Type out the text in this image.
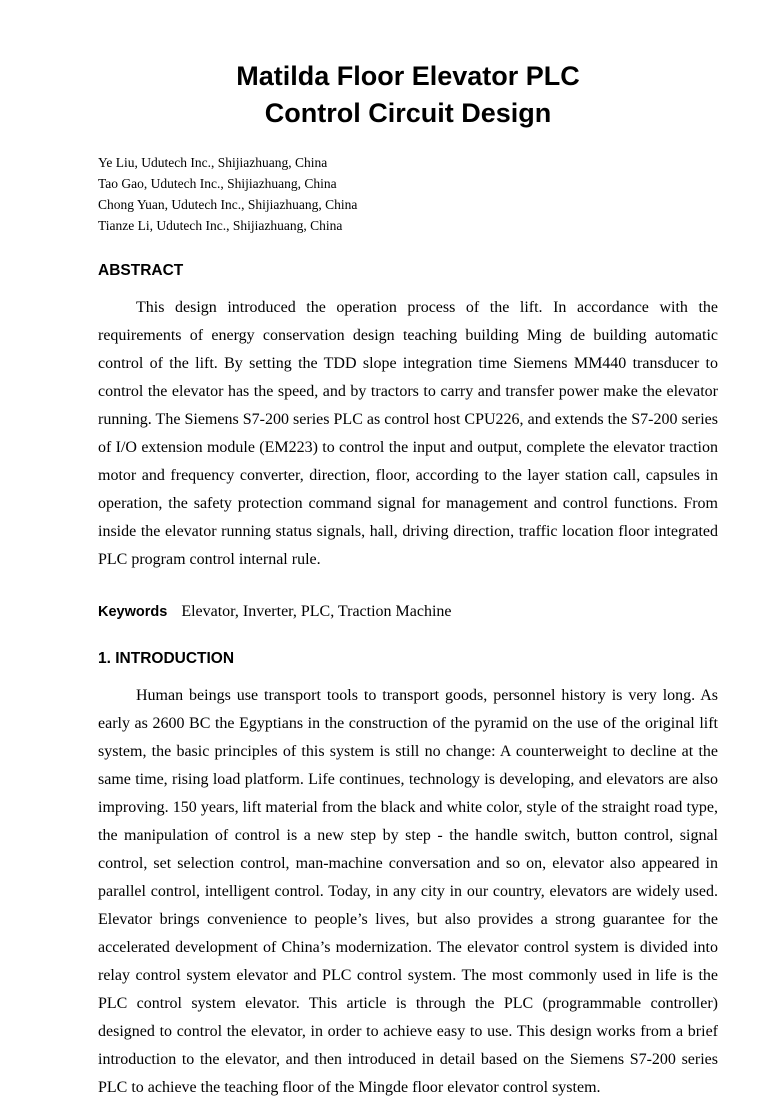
Matilda Floor Elevator PLC
Control Circuit Design
Ye Liu, Udutech Inc., Shijiazhuang, China
Tao Gao, Udutech Inc., Shijiazhuang, China
Chong Yuan, Udutech Inc., Shijiazhuang, China
Tianze Li, Udutech Inc., Shijiazhuang, China
ABSTRACT

This design introduced the operation process of the lift. In accordance with the requirements of energy conservation design teaching building Ming de building automatic control of the lift. By setting the TDD slope integration time Siemens MM440 transducer to control the elevator has the speed, and by tractors to carry and transfer power make the elevator running. The Siemens S7-200 series PLC as control host CPU226, and extends the S7-200 series of I/O extension module (EM223) to control the input and output, complete the elevator traction motor and frequency converter, direction, floor, according to the layer station call, capsules in operation, the safety protection command signal for management and control functions. From inside the elevator running status signals, hall, driving direction, traffic location floor integrated PLC program control internal rule.

Keywords Elevator, Inverter, PLC, Traction Machine
1. INTRODUCTION

Human beings use transport tools to transport goods, personnel history is very long. As early as 2600 BC the Egyptians in the construction of the pyramid on the use of the original lift system, the basic principles of this system is still no change: A counterweight to decline at the same time, rising load platform. Life continues, technology is developing, and elevators are also improving. 150 years, lift material from the black and white color, style of the straight road type, the manipulation of control is a new step by step - the handle switch, button control, signal control, set selection control, man-machine conversation and so on, elevator also appeared in parallel control, intelligent control. Today, in any city in our country, elevators are widely used. Elevator brings convenience to people’s lives, but also provides a strong guarantee for the accelerated development of China’s modernization. The elevator control system is divided into relay control system elevator and PLC control system. The most commonly used in life is the PLC control system elevator. This article is through the PLC (programmable controller) designed to control the elevator, in order to achieve easy to use. This design works from a brief introduction to the elevator, and then introduced in detail based on the Siemens S7-200 series PLC to achieve the teaching floor of the Mingde floor elevator control system.
